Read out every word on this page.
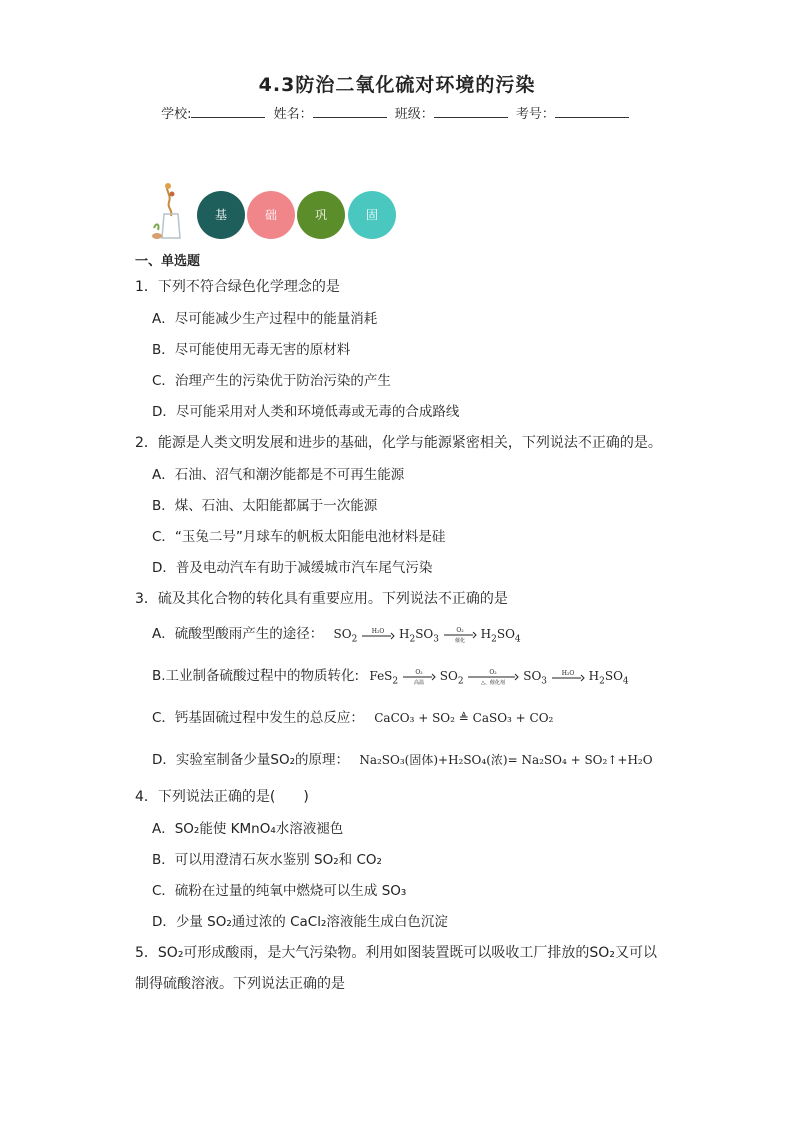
4.3防治二氧化硫对环境的污染
学校:	姓名：	班级：	考号：
基	础	巩	固
一、单选题
1．下列不符合绿色化学理念的是
A．尽可能减少生产过程中的能量消耗
B．尽可能使用无毒无害的原材料
C．治理产生的污染优于防治污染的产生
D．尽可能采用对人类和环境低毒或无毒的合成路线
2．能源是人类文明发展和进步的基础，化学与能源紧密相关，下列说法不正确的是。
A．石油、沼气和潮汐能都是不可再生能源
B．煤、石油、太阳能都属于一次能源
C．“玉兔二号”月球车的帆板太阳能电池材料是硅
D．普及电动汽车有助于减缓城市汽车尾气污染
3．硫及其化合物的转化具有重要应用。下列说法不正确的是
A．硫酸型酸雨产生的途径： $SO_2$
H₂O $H_2SO_3$
O₂
催化 $H_2SO_4$
B.工业制备硫酸过程中的物质转化: FeS$_2$
O₂
高温 $SO_2$
O₂
△、催化剂 $SO_3$
H₂O $H_2SO_4$
C．钙基固硫过程中发生的总反应： CaCO₃ + SO₂ ≜ CaSO₃ + CO₂
D．实验室制备少量SO₂的原理： Na₂SO₃(固体)+H₂SO₄(浓)= Na₂SO₄ + SO₂↑+H₂O
4．下列说法正确的是(　　)
A．SO₂能使 KMnO₄水溶液褪色
B．可以用澄清石灰水鉴别 SO₂和 CO₂
C．硫粉在过量的纯氧中燃烧可以生成 SO₃
D．少量 SO₂通过浓的 CaCl₂溶液能生成白色沉淀
5．SO₂可形成酸雨，是大气污染物。利用如图装置既可以吸收工厂排放的SO₂又可以
制得硫酸溶液。下列说法正确的是
